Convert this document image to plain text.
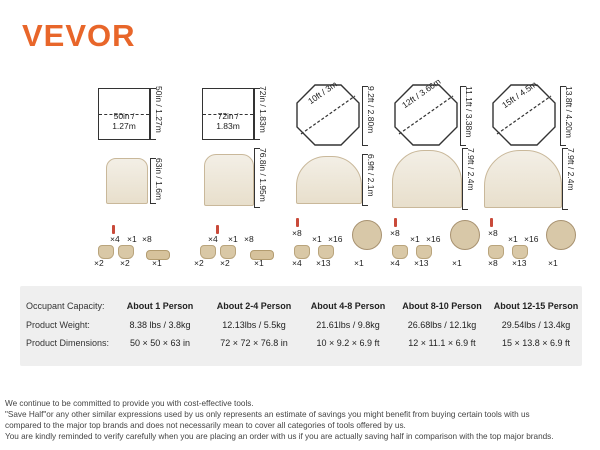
VEVOR
50in / 1.27m	50in / 1.27m
63in / 1.6m
×4 ×1 ×8
×2 ×2	×1
72in / 1.83m	72in / 1.83m
76.8in / 1.95m
×4 ×1 ×8
×2 ×2	×1
10ft / 3m	9.2ft / 2.80m
6.9ft / 2.1m
×8
×1 ×16
×4 ×13	×1
12ft / 3.66m	11.1ft / 3.38m
7.9ft / 2.4m
×8
×1 ×16
×4 ×13	×1
15ft / 4.5m	13.8ft / 4.20m
7.9ft / 2.4m
×8
×1 ×16
×8 ×13	×1
Occupant Capacity:	About 1 Person	About 2-4 Person	About 4-8 Person	About 8-10 Person	About 12-15 Person
Product Weight:	8.38 lbs / 3.8kg	12.13lbs / 5.5kg	21.61lbs / 9.8kg	26.68lbs / 12.1kg	29.54lbs / 13.4kg
Product Dimensions:	50 × 50 × 63 in	72 × 72 × 76.8 in	10 × 9.2 × 6.9 ft	12 × 11.1 × 6.9 ft	15 × 13.8 × 6.9 ft
We continue to be committed to provide you with cost-effective tools.
"Save Half"or any other similar expressions used by us only represents an estimate of savings you might benefit from buying certain tools with us
compared to the major top brands and does not necessarily mean to cover all categories of tools offered by us.
You are kindly reminded to verify carefully when you are placing an order with us if you are actually saving half in comparison with the top major brands.
